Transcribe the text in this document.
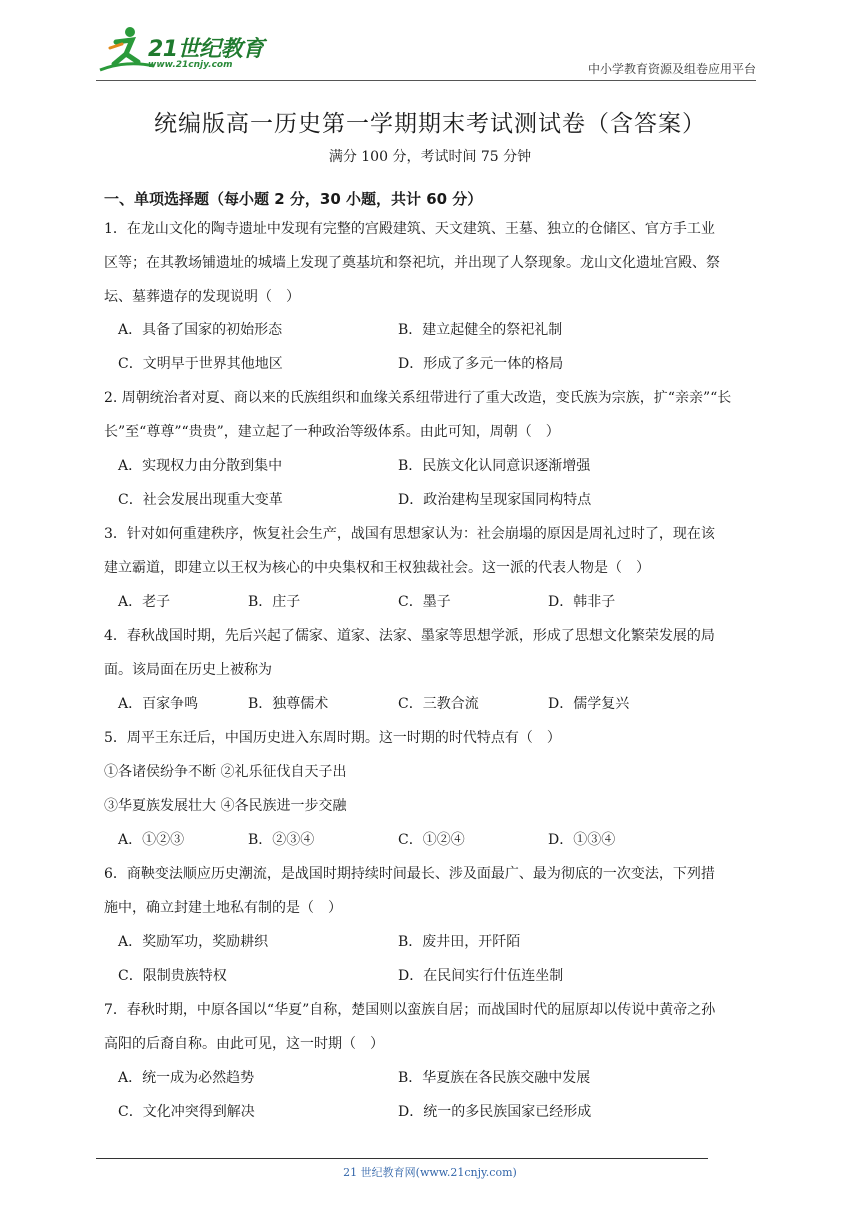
21世纪教育
www.21cnjy.com	中小学教育资源及组卷应用平台
统编版高一历史第一学期期末考试测试卷（含答案）
满分 100 分，考试时间 75 分钟
一、单项选择题（每小题 2 分，30 小题，共计 60 分）
1．在龙山文化的陶寺遗址中发现有完整的宫殿建筑、天文建筑、王墓、独立的仓储区、官方手工业
区等；在其教场铺遗址的城墙上发现了奠基坑和祭祀坑，并出现了人祭现象。龙山文化遗址宫殿、祭
坛、墓葬遗存的发现说明（　）
A．具备了国家的初始形态	B．建立起健全的祭祀礼制
C．文明早于世界其他地区	D．形成了多元一体的格局
2. 周朝统治者对夏、商以来的氏族组织和血缘关系纽带进行了重大改造，变氏族为宗族，扩“亲亲”“长
长”至“尊尊”“贵贵”，建立起了一种政治等级体系。由此可知，周朝（　）
A．实现权力由分散到集中	B．民族文化认同意识逐渐增强
C．社会发展出现重大变革	D．政治建构呈现家国同构特点
3．针对如何重建秩序，恢复社会生产，战国有思想家认为：社会崩塌的原因是周礼过时了，现在该
建立霸道，即建立以王权为核心的中央集权和王权独裁社会。这一派的代表人物是（　）
A．老子	B．庄子	C．墨子	D．韩非子
4．春秋战国时期，先后兴起了儒家、道家、法家、墨家等思想学派，形成了思想文化繁荣发展的局
面。该局面在历史上被称为
A．百家争鸣	B．独尊儒术	C．三教合流	D．儒学复兴
5．周平王东迁后，中国历史进入东周时期。这一时期的时代特点有（　）
①各诸侯纷争不断 ②礼乐征伐自天子出
③华夏族发展壮大 ④各民族进一步交融
A．①②③	B．②③④	C．①②④	D．①③④
6．商鞅变法顺应历史潮流，是战国时期持续时间最长、涉及面最广、最为彻底的一次变法，下列措
施中，确立封建土地私有制的是（　）
A．奖励军功，奖励耕织	B．废井田，开阡陌
C．限制贵族特权	D．在民间实行什伍连坐制
7．春秋时期，中原各国以“华夏”自称，楚国则以蛮族自居；而战国时代的屈原却以传说中黄帝之孙
高阳的后裔自称。由此可见，这一时期（　）
A．统一成为必然趋势	B．华夏族在各民族交融中发展
C．文化冲突得到解决	D．统一的多民族国家已经形成
21 世纪教育网(www.21cnjy.com)
